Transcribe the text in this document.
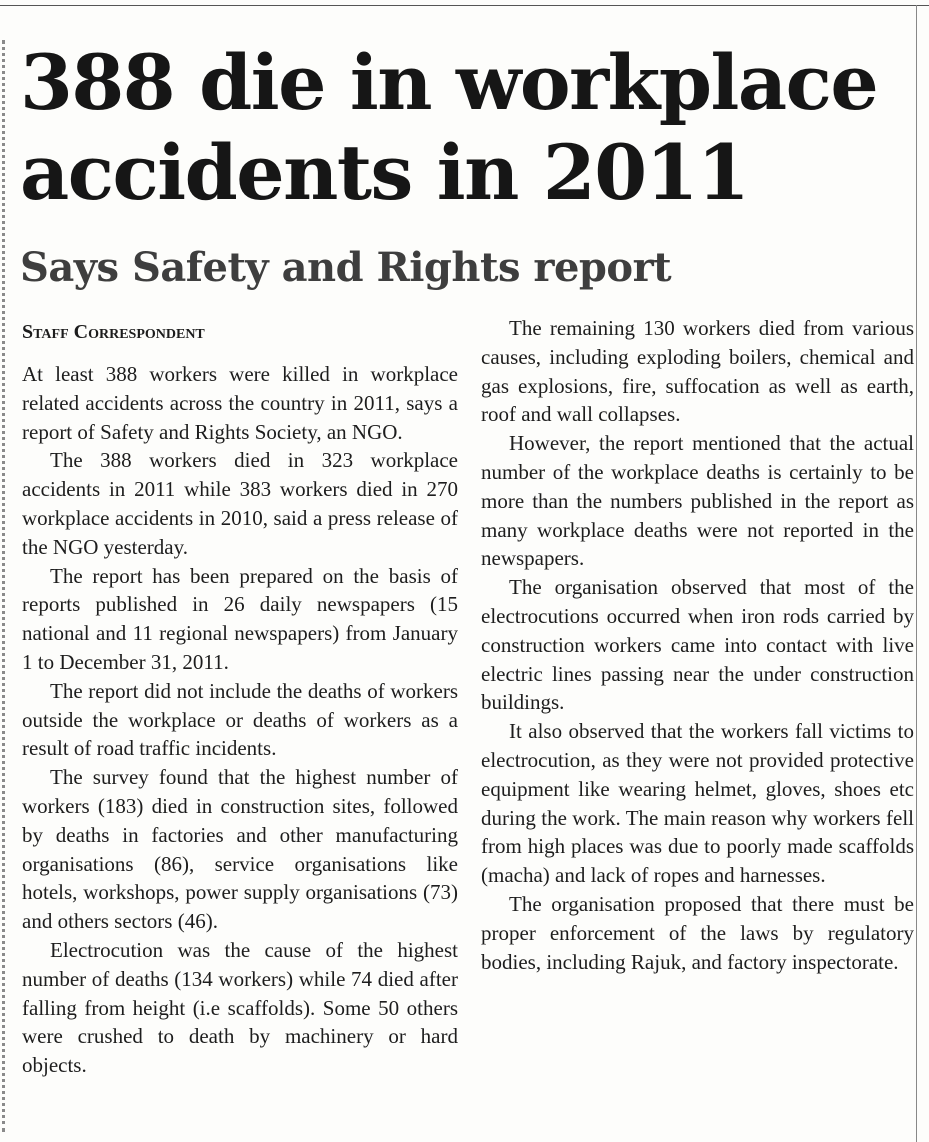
388 die in workplace accidents in 2011
Says Safety and Rights report
Staff Correspondent

At least 388 workers were killed in workplace related accidents across the country in 2011, says a report of Safety and Rights Society, an NGO.

The 388 workers died in 323 workplace accidents in 2011 while 383 workers died in 270 workplace accidents in 2010, said a press release of the NGO yesterday.

The report has been prepared on the basis of reports published in 26 daily newspapers (15 national and 11 regional newspapers) from January 1 to December 31, 2011.

The report did not include the deaths of workers outside the workplace or deaths of workers as a result of road traffic incidents.

The survey found that the highest number of workers (183) died in construction sites, followed by deaths in factories and other manufacturing organisations (86), service organisations like hotels, workshops, power supply organisations (73) and others sectors (46).

Electrocution was the cause of the highest number of deaths (134 workers) while 74 died after falling from height (i.e scaffolds). Some 50 others were crushed to death by machinery or hard objects.

The remaining 130 workers died from various causes, including exploding boilers, chemical and gas explosions, fire, suffocation as well as earth, roof and wall collapses.

However, the report mentioned that the actual number of the workplace deaths is certainly to be more than the numbers published in the report as many workplace deaths were not reported in the newspapers.

The organisation observed that most of the electrocutions occurred when iron rods carried by construction workers came into contact with live electric lines passing near the under construction buildings.

It also observed that the workers fall victims to electrocution, as they were not provided protective equipment like wearing helmet, gloves, shoes etc during the work. The main reason why workers fell from high places was due to poorly made scaffolds (macha) and lack of ropes and harnesses.

The organisation proposed that there must be proper enforcement of the laws by regulatory bodies, including Rajuk, and factory inspectorate.
